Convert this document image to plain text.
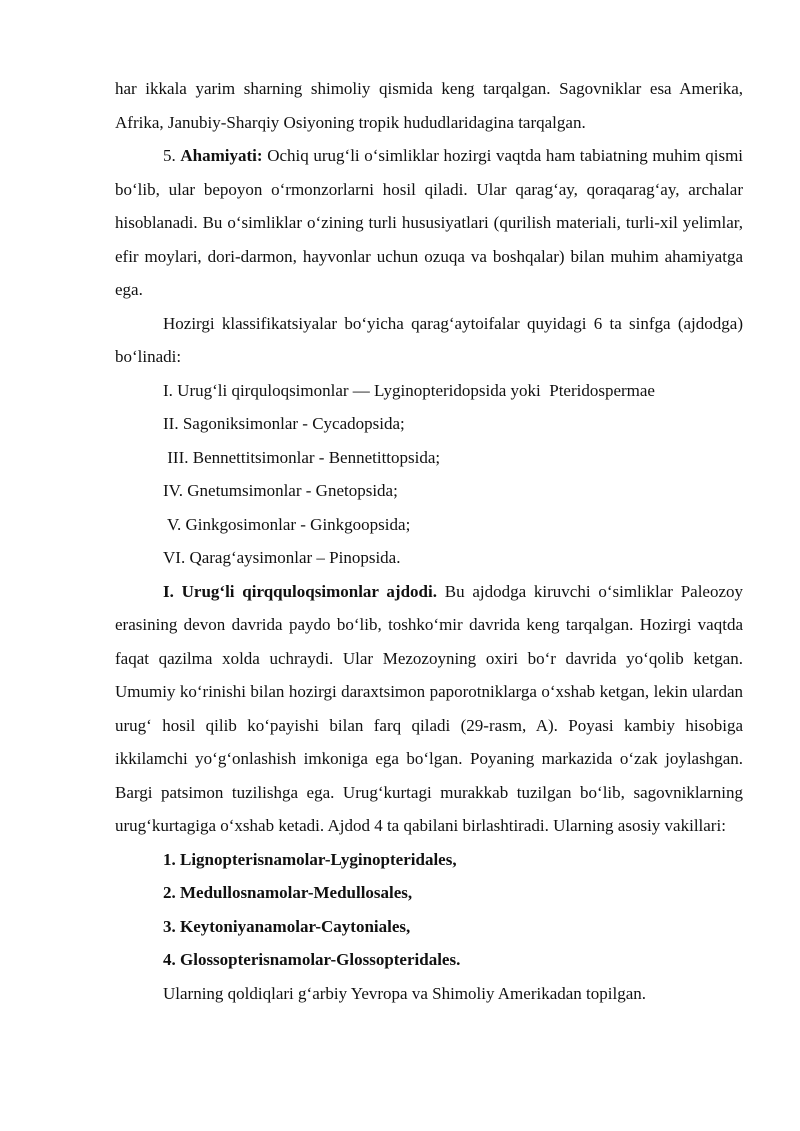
har ikkala yarim sharning shimoliy qismida keng tarqalgan. Sagovniklar esa Amerika, Afrika, Janubiy-Sharqiy Osiyoning tropik hududlaridagina tarqalgan.

5. Ahamiyati: Ochiq urug‘li o‘simliklar hozirgi vaqtda ham tabiatning muhim qismi bo‘lib, ular bepoyon o‘rmonzorlarni hosil qiladi. Ular qarag‘ay, qoraqarag‘ay, archalar hisoblanadi. Bu o‘simliklar o‘zining turli hususiyatlari (qurilish materiali, turli-xil yelimlar, efir moylari, dori-darmon, hayvonlar uchun ozuqa va boshqalar) bilan muhim ahamiyatga ega.

Hozirgi klassifikatsiyalar bo‘yicha qarag‘aytoifalar quyidagi 6 ta sinfga (ajdodga) bo‘linadi:

I. Urug‘li qirquloqsimonlar — Lyginopteridopsida yoki  Pteridospermae

II. Sagoniksimonlar - Cycadopsida;

III. Bennettitsimonlar - Bennetittopsida;

IV. Gnetumsimonlar - Gnetopsida;

V. Ginkgosimonlar - Ginkgoopsida;

VI. Qarag‘aysimonlar – Pinopsida.

I. Urug‘li qirqquloqsimonlar ajdodi. Bu ajdodga kiruvchi o‘simliklar Paleozoy erasining devon davrida paydo bo‘lib, toshko‘mir davrida keng tarqalgan. Hozirgi vaqtda faqat qazilma xolda uchraydi. Ular Mezozoyning oxiri bo‘r davrida yo‘qolib ketgan. Umumiy ko‘rinishi bilan hozirgi daraxtsimon paporotniklarga o‘xshab ketgan, lekin ulardan urug‘ hosil qilib ko‘payishi bilan farq qiladi (29-rasm, A). Poyasi kambiy hisobiga ikkilamchi yo‘g‘onlashish imkoniga ega bo‘lgan. Poyaning markazida o‘zak joylashgan. Bargi patsimon tuzilishga ega. Urug‘kurtagi murakkab tuzilgan bo‘lib, sagovniklarning urug‘kurtagiga o‘xshab ketadi. Ajdod 4 ta qabilani birlashtiradi. Ularning asosiy vakillari:

1. Lignopterisnamolar-Lyginopteridales,

2. Medullosnamolar-Medullosales,

3. Keytoniyanamolar-Caytoniales,

4. Glossopterisnamolar-Glossopteridales.

Ularning qoldiqlari g‘arbiy Yevropa va Shimoliy Amerikadan topilgan.
